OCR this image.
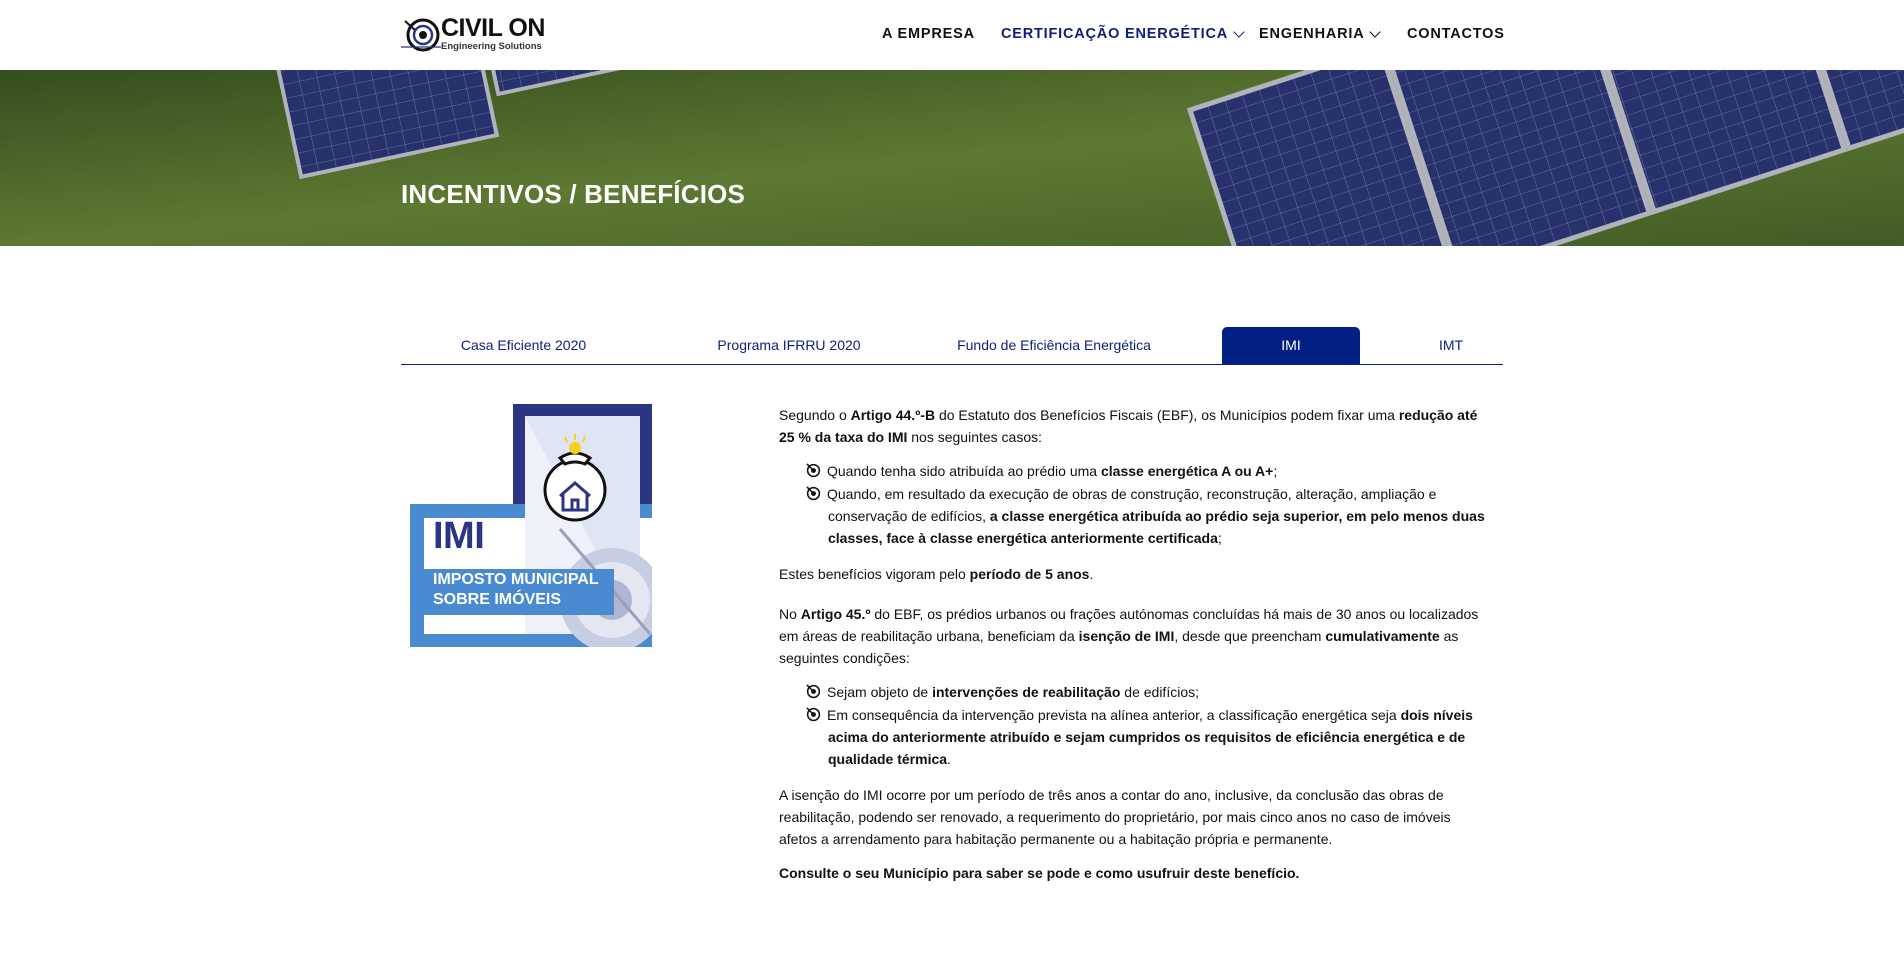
CIVIL ON
Engineering Solutions
A EMPRESA CERTIFICAÇÃO ENERGÉTICA ENGENHARIA	CONTACTOS
INCENTIVOS / BENEFÍCIOS
Casa Eficiente 2020	Programa IFRRU 2020	Fundo de Eficiência Energética	IMI	IMT
IMI
IMPOSTO MUNICIPAL
SOBRE IMÓVEIS

Segundo o Artigo 44.º-B do Estatuto dos Benefícios Fiscais (EBF), os Municípios podem fixar uma redução até 25 % da taxa do IMI nos seguintes casos:

Quando tenha sido atribuída ao prédio uma classe energética A ou A+;
Quando, em resultado da execução de obras de construção, reconstrução, alteração, ampliação e conservação de edifícios, a classe energética atribuída ao prédio seja superior, em pelo menos duas classes, face à classe energética anteriormente certificada;

Estes benefícios vigoram pelo período de 5 anos.

No Artigo 45.º do EBF, os prédios urbanos ou frações autónomas concluídas há mais de 30 anos ou localizados em áreas de reabilitação urbana, beneficiam da isenção de IMI, desde que preencham cumulativamente as seguintes condições:

Sejam objeto de intervenções de reabilitação de edifícios;
Em consequência da intervenção prevista na alínea anterior, a classificação energética seja dois níveis acima do anteriormente atribuído e sejam cumpridos os requisitos de eficiência energética e de qualidade térmica.

A isenção do IMI ocorre por um período de três anos a contar do ano, inclusive, da conclusão das obras de reabilitação, podendo ser renovado, a requerimento do proprietário, por mais cinco anos no caso de imóveis afetos a arrendamento para habitação permanente ou a habitação própria e permanente.

Consulte o seu Município para saber se pode e como usufruir deste benefício.
